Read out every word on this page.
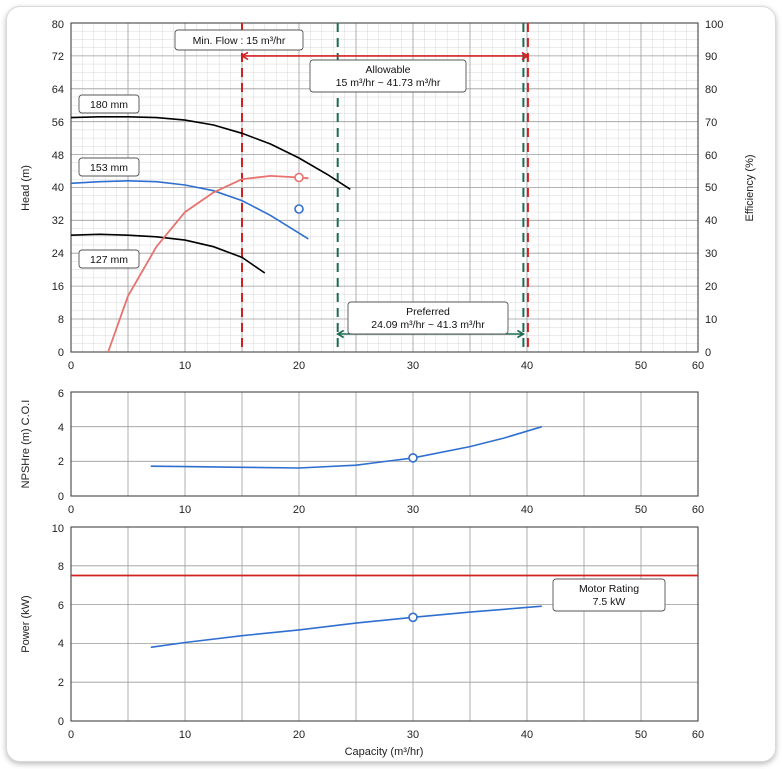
180 mm
153 mm
127 mm
Min. Flow : 15 m³/hr
Allowable
15 m³/hr ~ 41.73 m³/hr
Preferred
24.09 m³/hr ~ 41.3 m³/hr
0
8
16
24
32
40
48
56
64
72
80
0
10
20
30
40
50
60
70
80
90
100
0	10	20	30	40	50	60
Head (m)	Efficiency (%)
0
2
4
6
0	10	20	30	40	50	60
NPSHre (m) C.O.I
Motor Rating
7.5 kW
0
2
4
6
8
10
0	10	20	30	40	50	60
Power (kW)
Capacity (m³/hr)
